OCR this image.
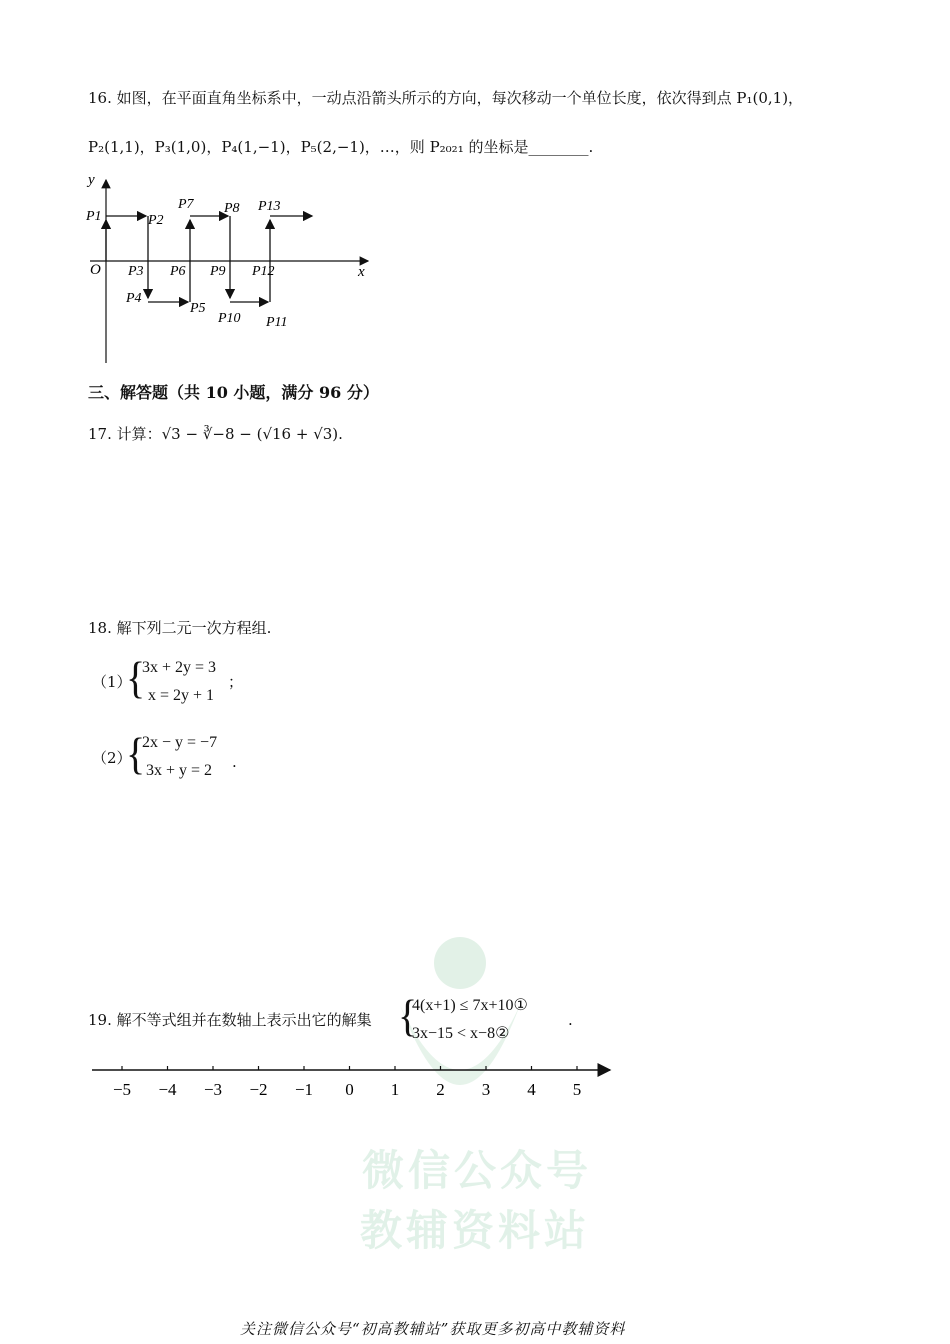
16. 如图，在平面直角坐标系中，一动点沿箭头所示的方向，每次移动一个单位长度，依次得到点 P₁(0,1)，
P₂(1,1)，P₃(1,0)，P₄(1,−1)，P₅(2,−1)，…，则 P₂₀₂₁ 的坐标是________.
y
x
O
P1	P2
P3
P4
P5
P6
P7 P8
P9
P10 P11
P12
P13
三、解答题（共 10 小题，满分 96 分）
17. 计算：√3 − ∛−8 − (√16 + √3).
18. 解下列二元一次方程组.
（1）
{
3x + 2y = 3
x = 2y + 1
；
（2）
{
2x − y = −7
3x + y = 2 .
微信公众号
教辅资料站
19. 解不等式组并在数轴上表示出它的解集 {
4(x+1) ≤ 7x+10①
3x−15 < x−8②
.
−5 −4 −3 −2 −1 0 1 2 3 4 5
关注微信公众号“初高教辅站”获取更多初高中教辅资料
